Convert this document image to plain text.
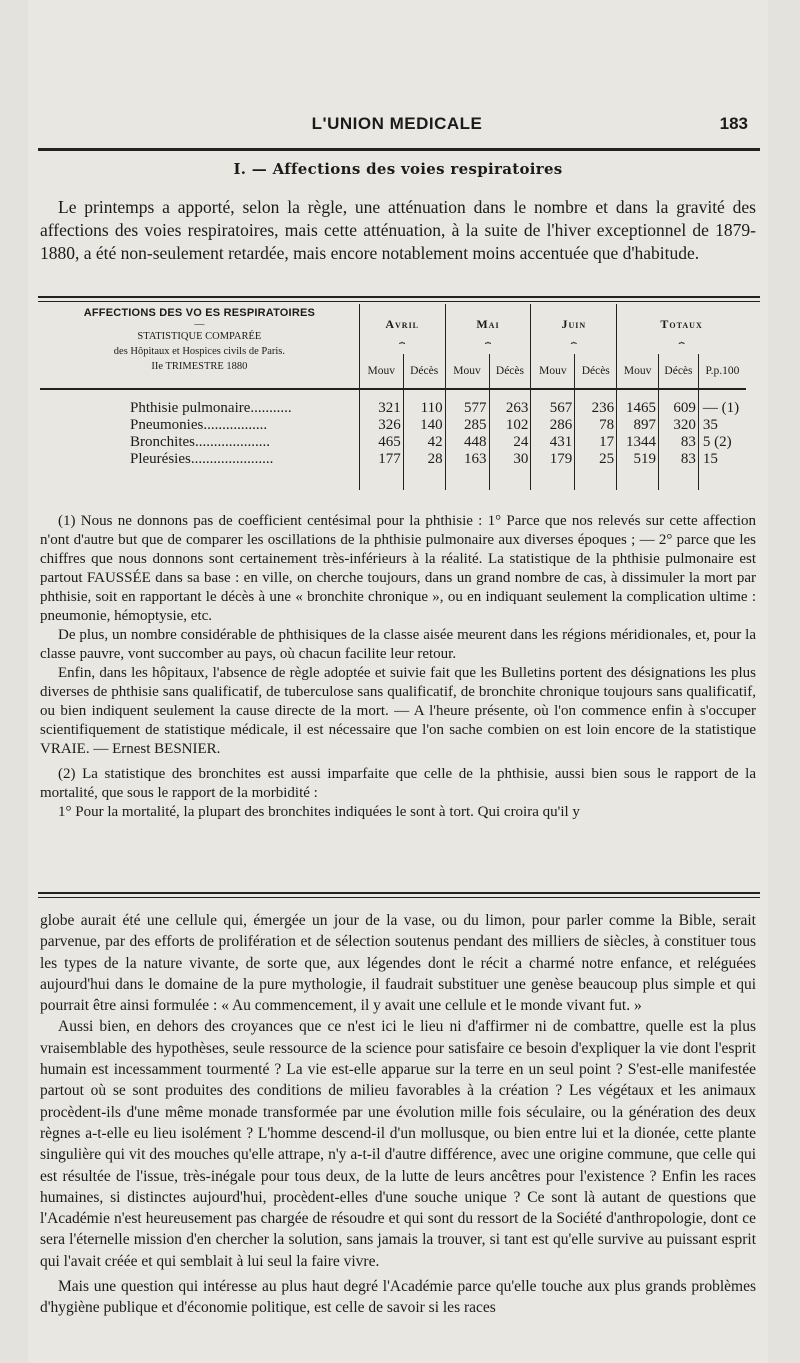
L'UNION MEDICALE	183
I. — Affections des voies respiratoires

Le printemps a apporté, selon la règle, une atténuation dans le nombre et dans la gravité des affections des voies respiratoires, mais cette atténuation, à la suite de l'hiver exceptionnel de 1879-1880, a été non-seulement retardée, mais encore notablement moins accentuée que d'habitude.

AFFECTIONS DES VO ES RESPIRATOIRES
—
STATISTIQUE COMPARÉE
des Hôpitaux et Hospices civils de Paris.
IIe TRIMESTRE 1880	Avril		Mai		Juin		Totaux		
	⏞		⏞		⏞		⏞		
	Mouv	Décès	Mouv	Décès	Mouv	Décès	Mouv	Décès	P.p.100

Phthisie pulmonaire...........	321	110	577	263	567	236	1465	609	— (1)
Pneumonies.................	326	140	285	102	286	78	897	320	35
Bronchites....................	465	42	448	24	431	17	1344	83	5 (2)
Pleurésies......................	177	28	163	30	179	25	519	83	15

(1) Nous ne donnons pas de coefficient centésimal pour la phthisie : 1° Parce que nos relevés sur cette affection n'ont d'autre but que de comparer les oscillations de la phthisie pulmonaire aux diverses époques ; — 2° parce que les chiffres que nous donnons sont certainement très-inférieurs à la réalité. La statistique de la phthisie pulmonaire est partout FAUSSÉE dans sa base : en ville, on cherche toujours, dans un grand nombre de cas, à dissimuler la mort par phthisie, soit en rapportant le décès à une « bronchite chronique », ou en indiquant seulement la complication ultime : pneumonie, hémoptysie, etc.

De plus, un nombre considérable de phthisiques de la classe aisée meurent dans les régions méridionales, et, pour la classe pauvre, vont succomber au pays, où chacun facilite leur retour.

Enfin, dans les hôpitaux, l'absence de règle adoptée et suivie fait que les Bulletins portent des désignations les plus diverses de phthisie sans qualificatif, de tuberculose sans qualificatif, de bronchite chronique toujours sans qualificatif, ou bien indiquent seulement la cause directe de la mort. — A l'heure présente, où l'on commence enfin à s'occuper scientifiquement de statistique médicale, il est nécessaire que l'on sache combien on est loin encore de la statistique VRAIE. — Ernest BESNIER.

(2) La statistique des bronchites est aussi imparfaite que celle de la phthisie, aussi bien sous le rapport de la mortalité, que sous le rapport de la morbidité :

1° Pour la mortalité, la plupart des bronchites indiquées le sont à tort. Qui croira qu'il y

globe aurait été une cellule qui, émergée un jour de la vase, ou du limon, pour parler comme la Bible, serait parvenue, par des efforts de prolifération et de sélection soutenus pendant des milliers de siècles, à constituer tous les types de la nature vivante, de sorte que, aux légendes dont le récit a charmé notre enfance, et reléguées aujourd'hui dans le domaine de la pure mythologie, il faudrait substituer une genèse beaucoup plus simple et qui pourrait être ainsi formulée : « Au commencement, il y avait une cellule et le monde vivant fut. »

Aussi bien, en dehors des croyances que ce n'est ici le lieu ni d'affirmer ni de combattre, quelle est la plus vraisemblable des hypothèses, seule ressource de la science pour satisfaire ce besoin d'expliquer la vie dont l'esprit humain est incessamment tourmenté ? La vie est-elle apparue sur la terre en un seul point ? S'est-elle manifestée partout où se sont produites des conditions de milieu favorables à la création ? Les végétaux et les animaux procèdent-ils d'une même monade transformée par une évolution mille fois séculaire, ou la génération des deux règnes a-t-elle eu lieu isolément ? L'homme descend-il d'un mollusque, ou bien entre lui et la dionée, cette plante singulière qui vit des mouches qu'elle attrape, n'y a-t-il d'autre différence, avec une origine commune, que celle qui est résultée de l'issue, très-inégale pour tous deux, de la lutte de leurs ancêtres pour l'existence ? Enfin les races humaines, si distinctes aujourd'hui, procèdent-elles d'une souche unique ? Ce sont là autant de questions que l'Académie n'est heureusement pas chargée de résoudre et qui sont du ressort de la Société d'anthropologie, dont ce sera l'éternelle mission d'en chercher la solution, sans jamais la trouver, si tant est qu'elle survive au puissant esprit qui l'avait créée et qui semblait à lui seul la faire vivre.

Mais une question qui intéresse au plus haut degré l'Académie parce qu'elle touche aux plus grands problèmes d'hygiène publique et d'économie politique, est celle de savoir si les races
